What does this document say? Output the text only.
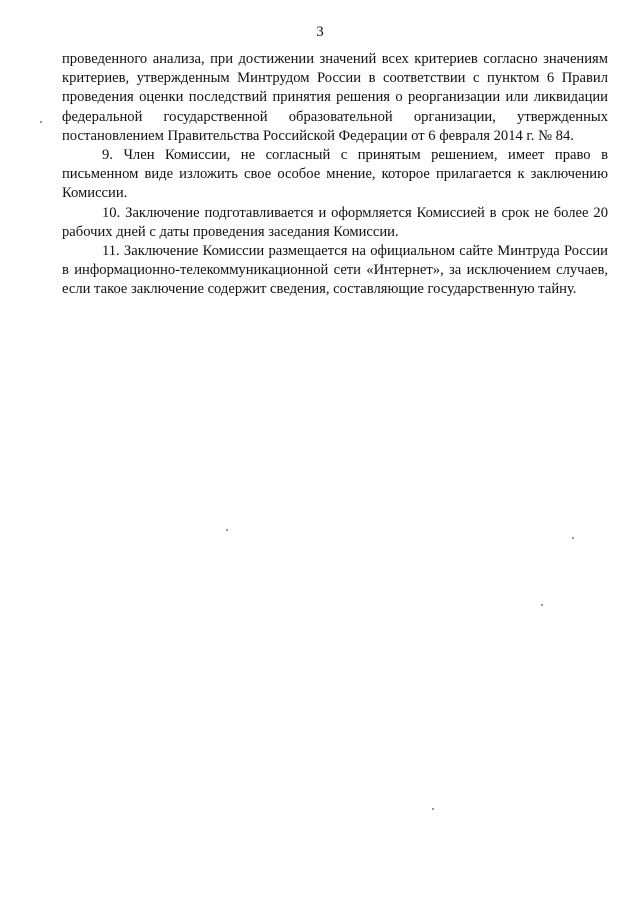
3

проведенного анализа, при достижении значений всех критериев согласно значениям критериев, утвержденным Минтрудом России в соответствии с пунктом 6 Правил проведения оценки последствий принятия решения о реорганизации или ликвидации федеральной государственной образовательной организации, утвержденных постановлением Правительства Российской Федерации от 6 февраля 2014 г. № 84.

9. Член Комиссии, не согласный с принятым решением, имеет право в письменном виде изложить свое особое мнение, которое прилагается к заключению Комиссии.

10. Заключение подготавливается и оформляется Комиссией в срок не более 20 рабочих дней с даты проведения заседания Комиссии.

11. Заключение Комиссии размещается на официальном сайте Минтруда России в информационно-телекоммуникационной сети «Интернет», за исключением случаев, если такое заключение содержит сведения, составляющие государственную тайну.
